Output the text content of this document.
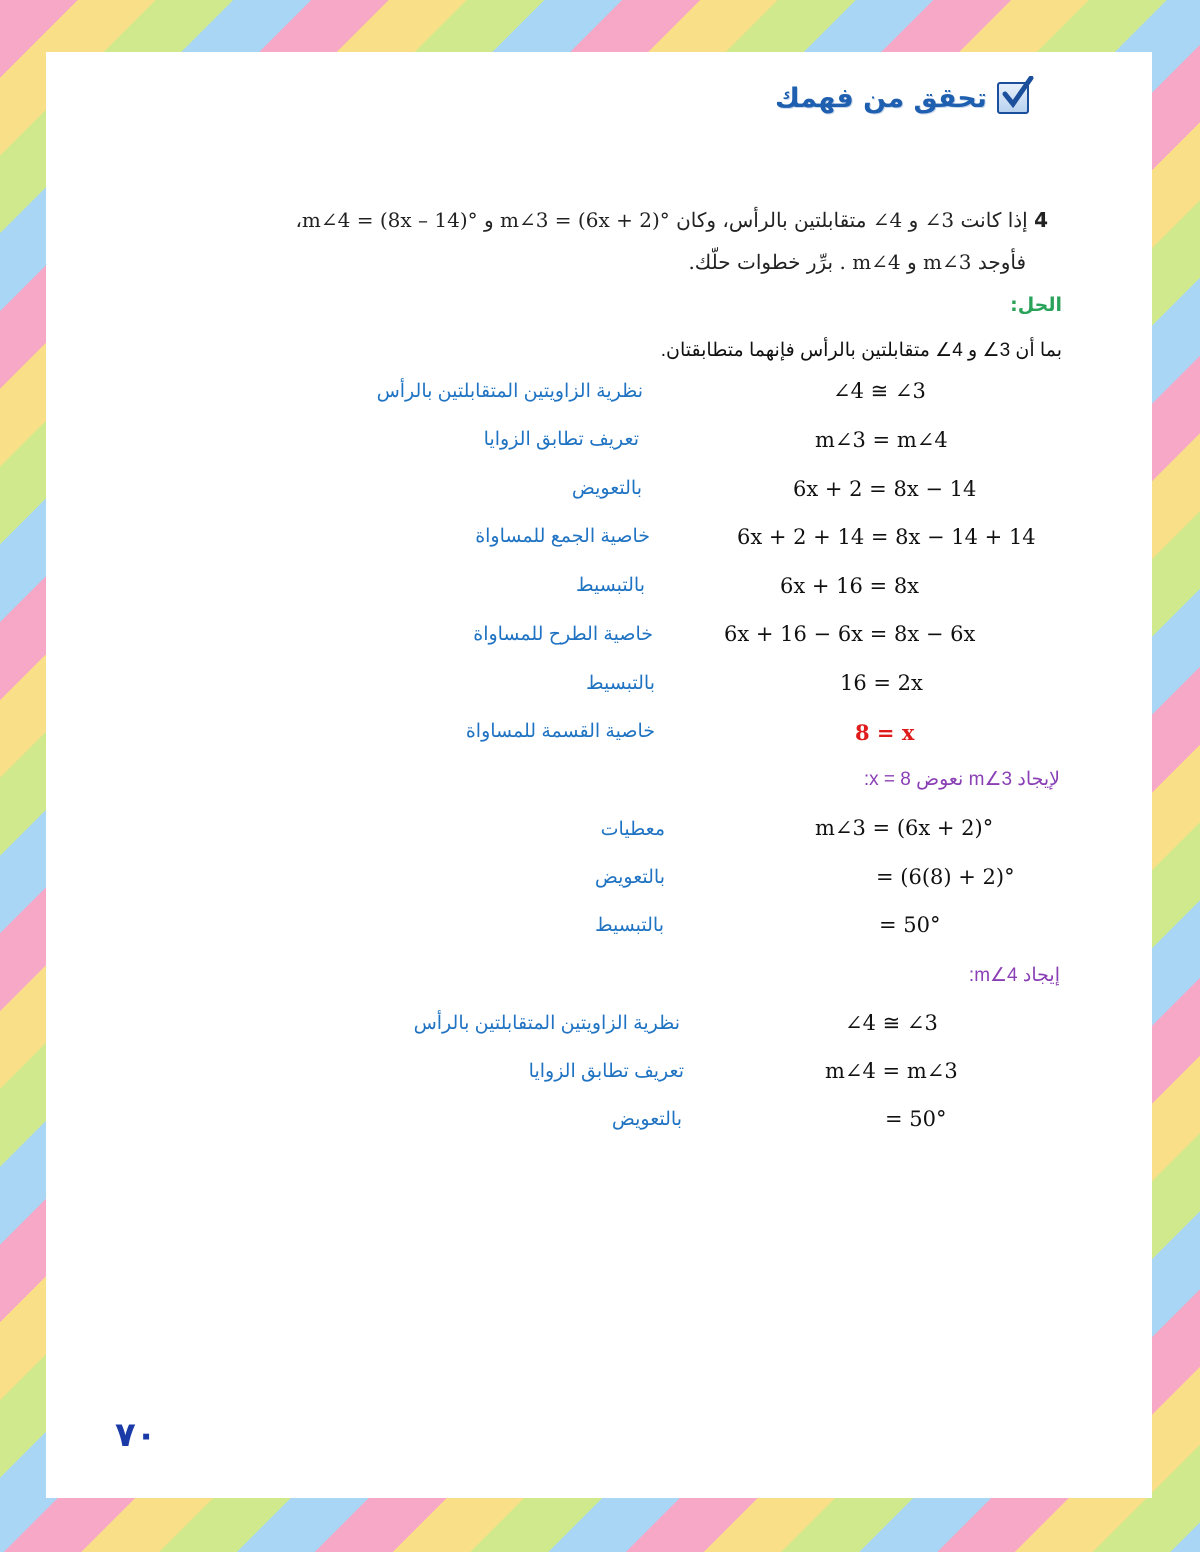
تحقق من فهمك
4 إذا كانت 3∠ و 4∠ متقابلتين بالرأس، وكان °(6x + 2) = m∠3 و °(8x – 14) = m∠4،
فأوجد m∠3 و m∠4 . برِّر خطوات حلّك.
الحل:
بما أن 3∠ و 4∠ متقابلتين بالرأس فإنهما متطابقتان.
∠4 ≅ ∠3
نظرية الزاويتين المتقابلتين بالرأس
m∠3 = m∠4
تعريف تطابق الزوايا
6x + 2 = 8x − 14
بالتعويض
6x + 2 + 14 = 8x − 14 + 14
خاصية الجمع للمساواة
6x + 16 = 8x
بالتبسيط
6x + 16 − 6x = 8x − 6x
خاصية الطرح للمساواة
16 = 2x
بالتبسيط
8 = x
خاصية القسمة للمساواة
لإيجاد m∠3 نعوض x = 8:
m∠3 = (6x + 2)°
معطيات
= (6(8) + 2)°
بالتعويض
= 50°
بالتبسيط
إيجاد m∠4:
∠4 ≅ ∠3
نظرية الزاويتين المتقابلتين بالرأس
m∠4 = m∠3
تعريف تطابق الزوايا
= 50°
بالتعويض
٧٠
